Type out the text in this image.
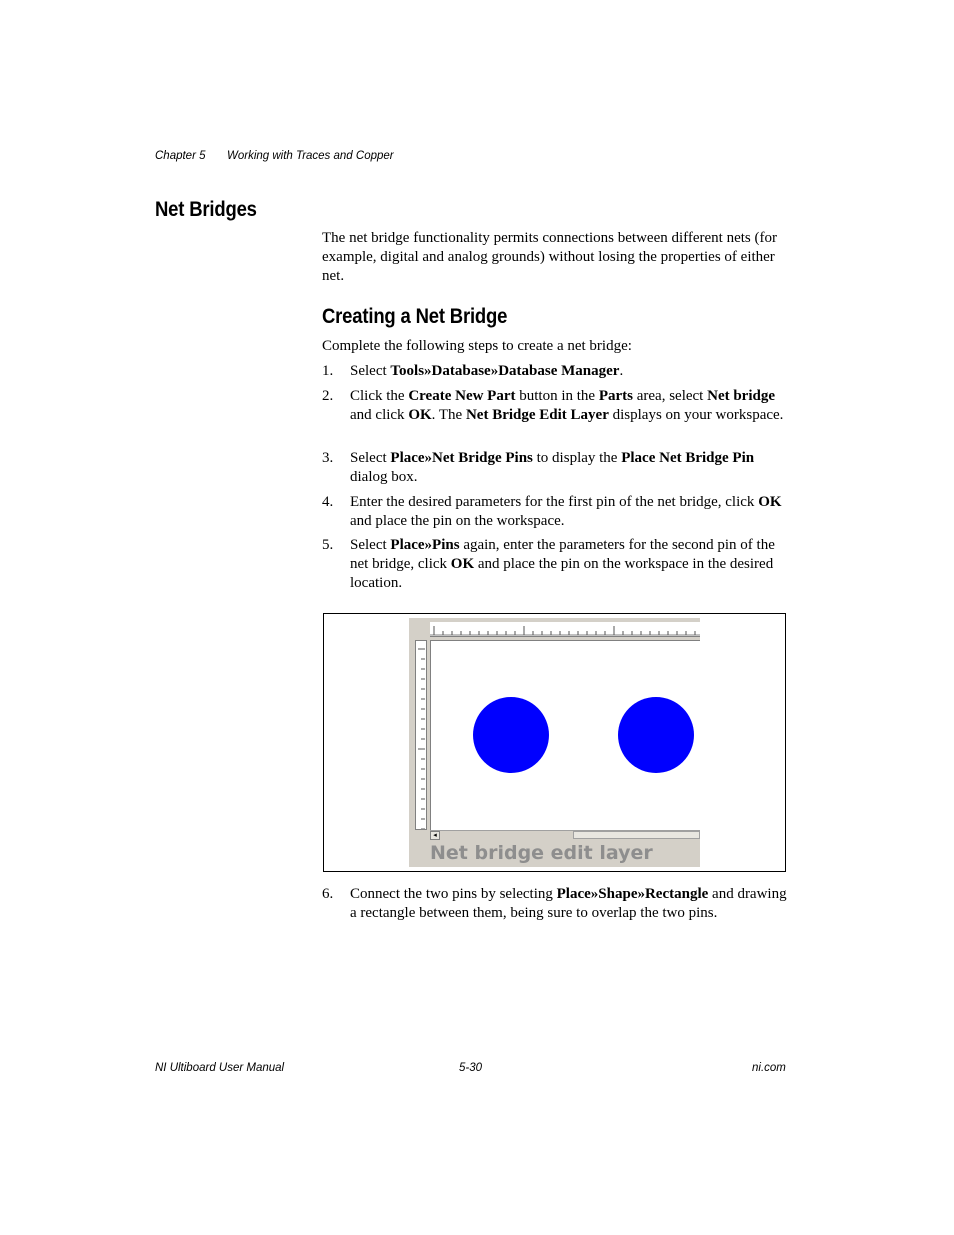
Chapter 5 Working with Traces and Copper
Net Bridges

The net bridge functionality permits connections between different nets (for example, digital and analog grounds) without losing the properties of either net.

Creating a Net Bridge

Complete the following steps to create a net bridge:

1. Select Tools»Database»Database Manager.
2. Click the Create New Part button in the Parts area, select Net bridge and click OK. The Net Bridge Edit Layer displays on your workspace.
3. Select Place»Net Bridge Pins to display the Place Net Bridge Pin dialog box.
4. Enter the desired parameters for the first pin of the net bridge, click OK and place the pin on the workspace.
5. Select Place»Pins again, enter the parameters for the second pin of the net bridge, click OK and place the pin on the workspace in the desired location.
◂
Net bridge edit layer
6. Connect the two pins by selecting Place»Shape»Rectangle and drawing a rectangle between them, being sure to overlap the two pins.
NI Ultiboard User Manual	5-30	ni.com
